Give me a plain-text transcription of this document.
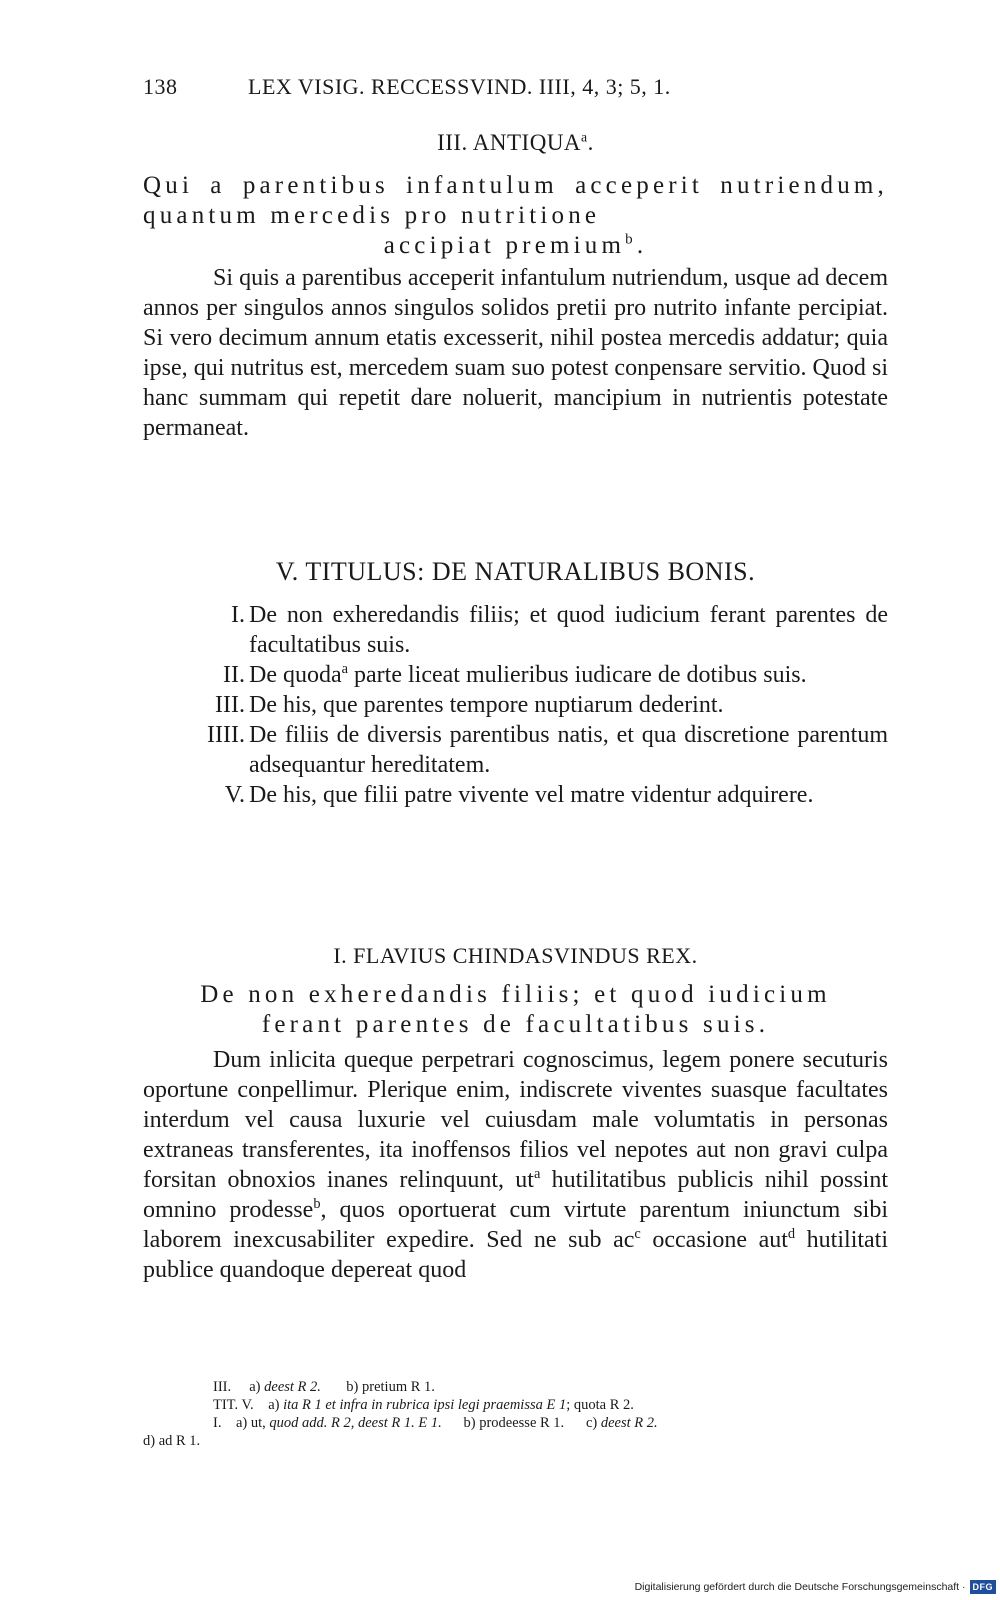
138	LEX VISIG. RECCESSVIND. IIII, 4, 3; 5, 1.
III. ANTIQUA$^a$.
Qui a parentibus infantulum acceperit nutriendum, quantum mercedis pro nutritione
accipiat premium$^b$.

Si quis a parentibus acceperit infantulum nutriendum, usque ad decem annos per singulos annos singulos solidos pretii pro nutrito infante percipiat. Si vero decimum annum etatis excesserit, nihil postea mercedis addatur; quia ipse, qui nutritus est, mercedem suam suo potest conpensare servitio. Quod si hanc summam qui repetit dare noluerit, mancipium in nutrientis potestate permaneat.

V. TITULUS: DE NATURALIBUS BONIS.

I. De non exheredandis filiis; et quod iudicium ferant parentes de facultatibus suis.

II. De quoda$^a$ parte liceat mulieribus iudicare de dotibus suis.

III. De his, que parentes tempore nuptiarum dederint.

IIII. De filiis de diversis parentibus natis, et qua discretione parentum adsequantur hereditatem.

V. De his, que filii patre vivente vel matre videntur adquirere.

I. FLAVIUS CHINDASVINDUS REX.
De non exheredandis filiis; et quod iudicium
ferant parentes de facultatibus suis.

Dum inlicita queque perpetrari cognoscimus, legem ponere secuturis oportune conpellimur. Plerique enim, indiscrete viventes suasque facultates interdum vel causa luxurie vel cuiusdam male volumtatis in personas extraneas transferentes, ita inoffensos filios vel nepotes aut non gravi culpa forsitan obnoxios inanes relinquunt, $ut^a$ hutilitatibus publicis nihil possint omnino prodesse$^b$, quos oportuerat cum virtute parentum iniunctum sibi laborem inexcusabiliter expedire. Sed ne sub $ac^c$ occasione aut$^d$ hutilitati publice quandoque depereat quod

III. a) deest R 2. b) pretium R 1.

TIT. V. a) ita R 1 et infra in rubrica ipsi legi praemissa E 1; quota R 2.

I. a) ut, quod add. R 2, deest R 1. E 1. b) prodeesse R 1. c) deest R 2.

d) ad R 1.

Digitalisierung gefördert durch die Deutsche Forschungsgemeinschaft · DFG
